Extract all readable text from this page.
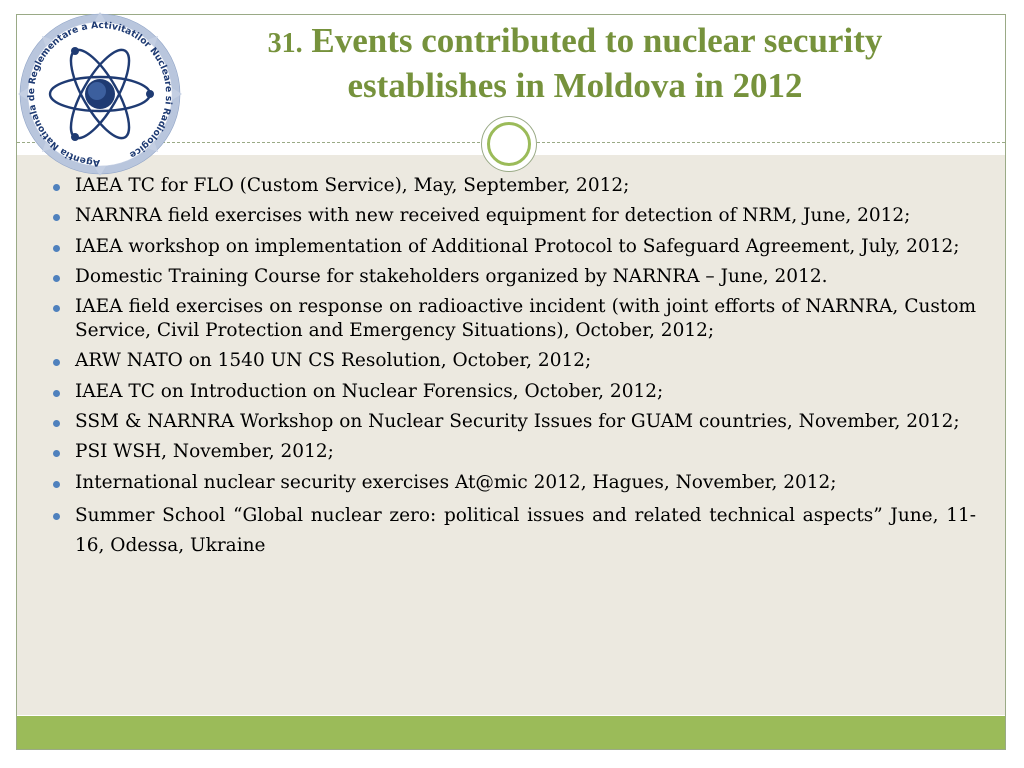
Agentia Nationala de Reglementare a Activitatilor Nucleare si Radiologice
31. Events contributed to nuclear security establishes in Moldova in 2012
IAEA TC for FLO (Custom Service), May, September, 2012;
NARNRA field exercises with new received equipment for detection of NRM, June, 2012;
IAEA workshop on implementation of Additional Protocol to Safeguard Agreement, July, 2012;
Domestic Training Course for stakeholders organized by NARNRA – June, 2012.
IAEA field exercises on response on radioactive incident (with joint efforts of NARNRA, Custom Service, Civil Protection and Emergency Situations), October, 2012;
ARW NATO on 1540 UN CS Resolution, October, 2012;
IAEA TC on Introduction on Nuclear Forensics, October, 2012;
SSM & NARNRA Workshop on Nuclear Security Issues for GUAM countries, November, 2012;
PSI WSH, November, 2012;
International nuclear security exercises At@mic 2012, Hagues, November, 2012;
Summer School “Global nuclear zero: political issues and related technical aspects” June, 11-16, Odessa, Ukraine
